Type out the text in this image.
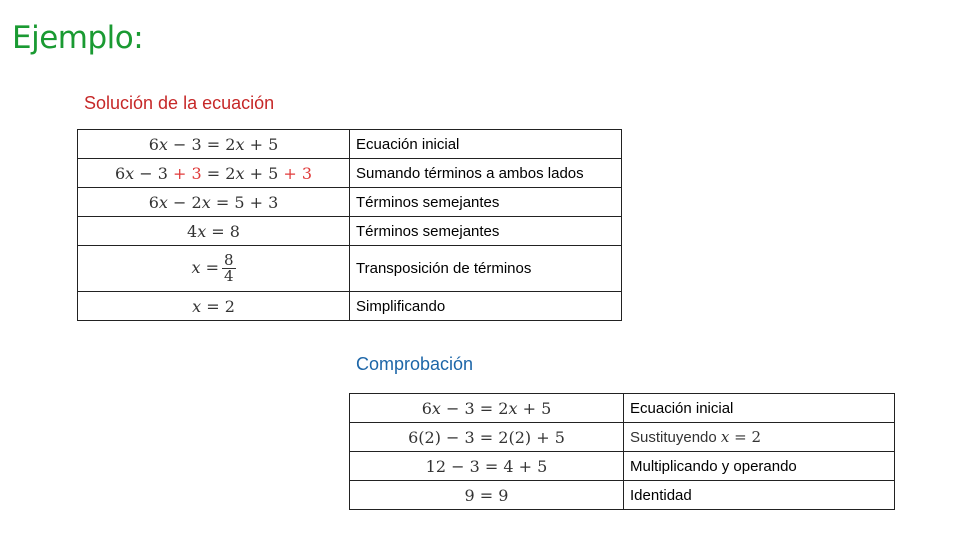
Ejemplo:
Solución de la ecuación
6x − 3 = 2x + 5	Ecuación inicial
6x − 3 + 3 = 2x + 5 + 3	Sumando términos a ambos lados
6x − 2x = 5 + 3	Términos semejantes
4x = 8	Términos semejantes
$x = \frac{8}{4}$	Transposición de términos
x = 2	Simplificando
Comprobación
6x − 3 = 2x + 5	Ecuación inicial
6(2) − 3 = 2(2) + 5	Sustituyendo x = 2
12 − 3 = 4 + 5	Multiplicando y operando
9 = 9	Identidad
